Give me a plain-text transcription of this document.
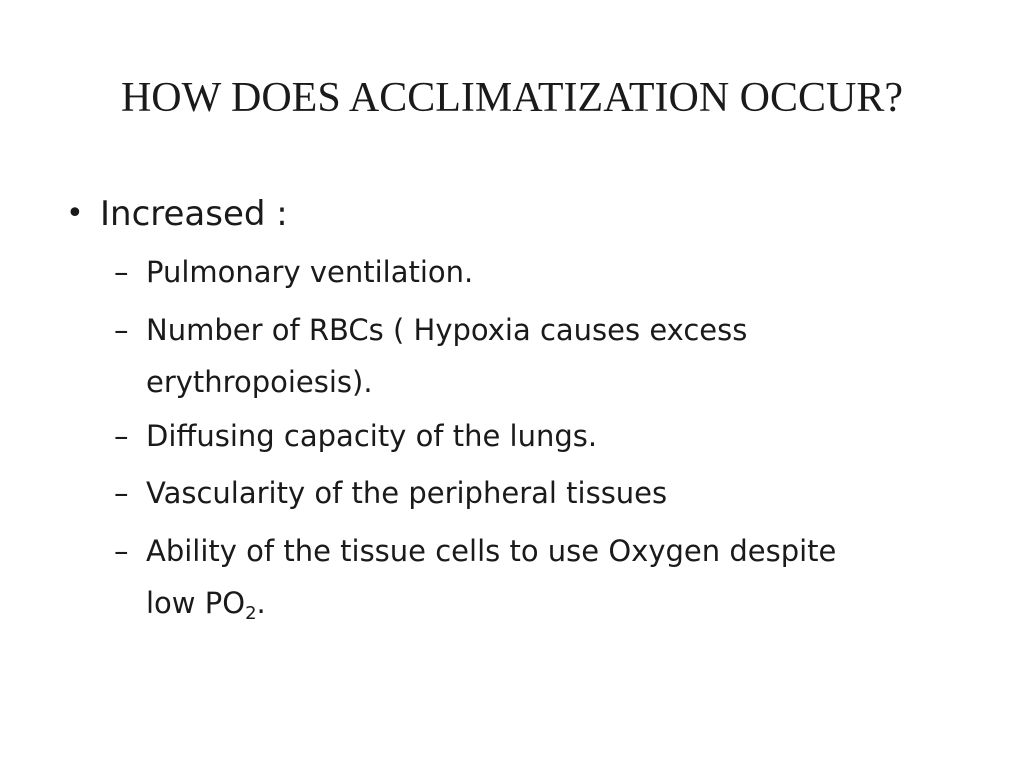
HOW DOES ACCLIMATIZATION OCCUR?
• Increased :
– Pulmonary ventilation.
– Number of RBCs ( Hypoxia causes excess
erythropoiesis).
– Diffusing capacity of the lungs.
– Vascularity of the peripheral tissues
– Ability of the tissue cells to use Oxygen despite
low $PO_2$.
